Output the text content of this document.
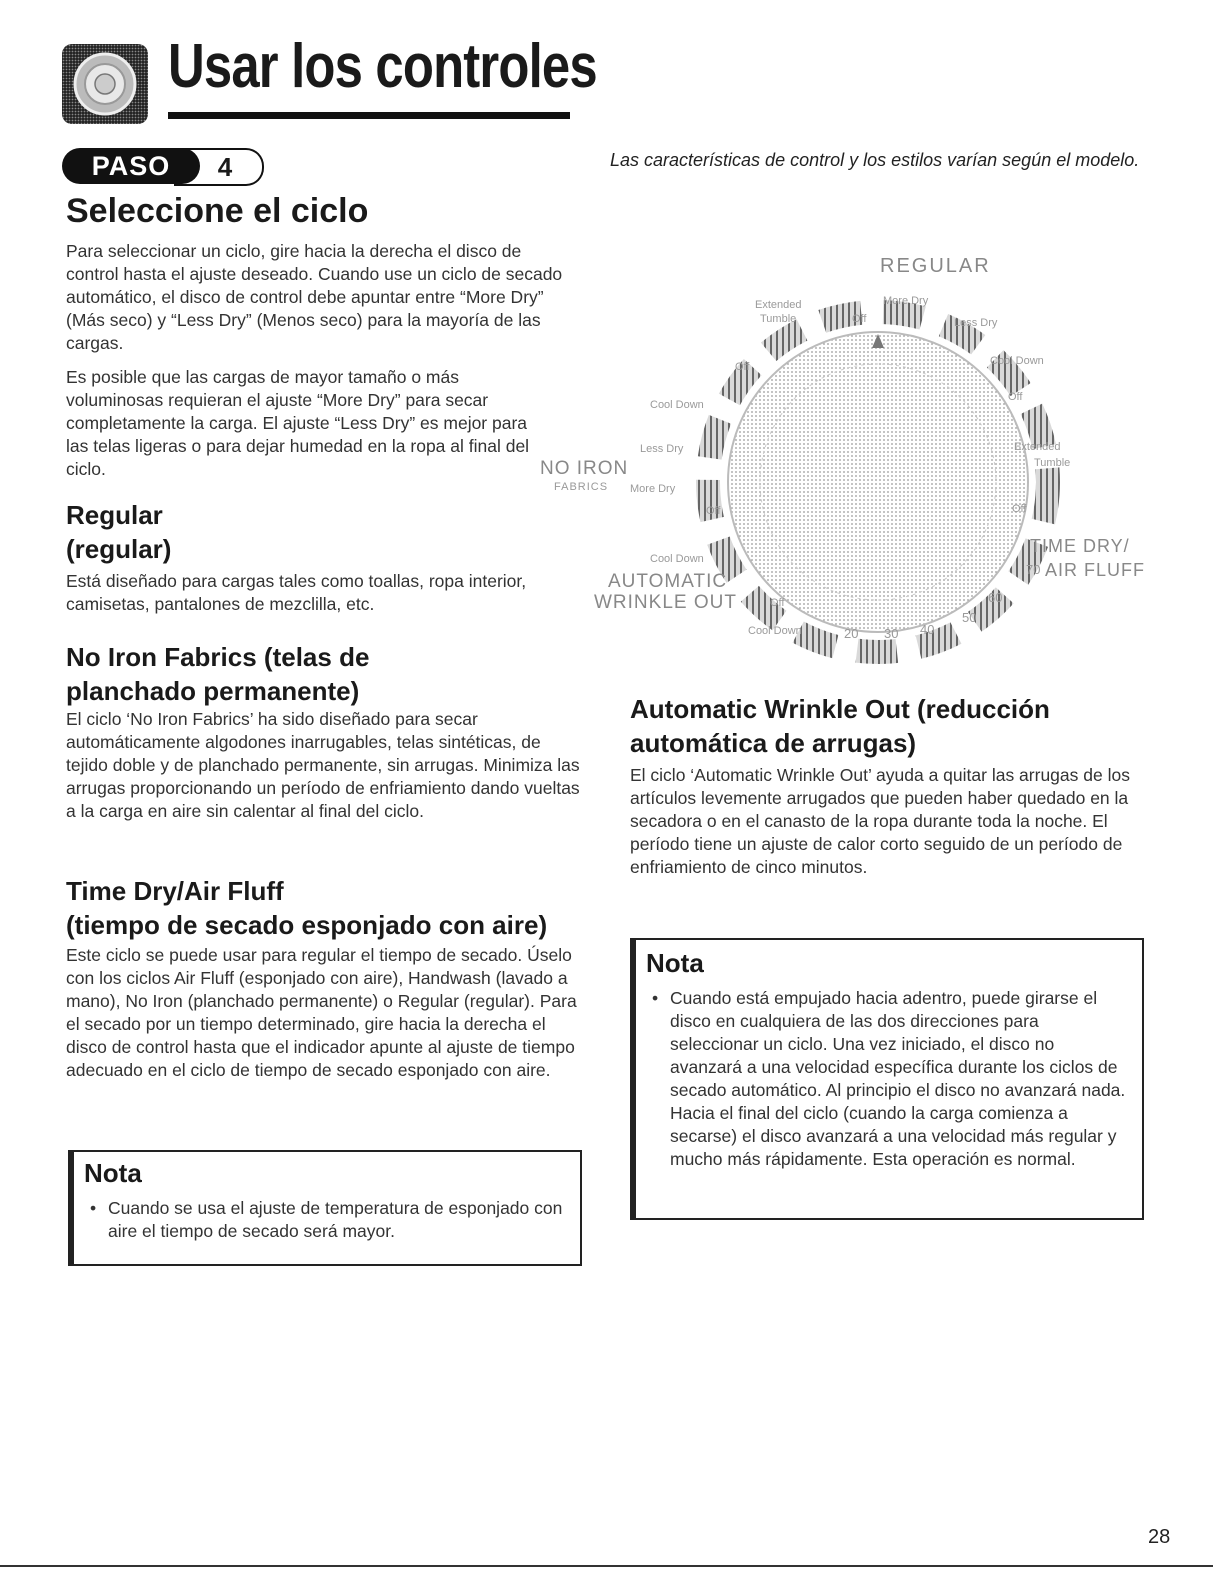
Usar los controles
4
PASO	Las características de control y los estilos varían según el modelo.
Seleccione el ciclo

Para seleccionar un ciclo, gire hacia la derecha el disco de control hasta el ajuste deseado. Cuando use un ciclo de secado automático, el disco de control debe apuntar entre “More Dry” (Más seco) y “Less Dry” (Menos seco) para la mayoría de las cargas.

Es posible que las cargas de mayor tamaño o más voluminosas requieran el ajuste “More Dry” para secar completamente la carga. El ajuste “Less Dry” es mejor para las telas ligeras o para dejar humedad en la ropa al final del ciclo.

Regular
(regular)

Está diseñado para cargas tales como toallas, ropa interior, camisetas, pantalones de mezclilla, etc.

No Iron Fabrics (telas de
planchado permanente)

El ciclo ‘No Iron Fabrics’ ha sido diseñado para secar automáticamente algodones inarrugables, telas sintéticas, de tejido doble y de planchado permanente, sin arrugas. Minimiza las arrugas proporcionando un período de enfriamiento dando vueltas a la carga en aire sin calentar al final del ciclo.

Time Dry/Air Fluff
(tiempo de secado esponjado con aire)

Este ciclo se puede usar para regular el tiempo de secado. Úselo con los ciclos Air Fluff (esponjado con aire), Handwash (lavado a mano), No Iron (planchado permanente) o Regular (regular). Para el secado por un tiempo determinado, gire hacia la derecha el disco de control hasta que el indicador apunte al ajuste de tiempo adecuado en el ciclo de tiempo de secado esponjado con aire.

Automatic Wrinkle Out (reducción
automática de arrugas)

El ciclo ‘Automatic Wrinkle Out’ ayuda a quitar las arrugas de los artículos levemente arrugados que pueden haber quedado en la secadora o en el canasto de la ropa durante toda la noche. El período tiene un ajuste de calor corto seguido de un período de enfriamiento de cinco minutos.

Nota
• Cuando se usa el ajuste de temperatura de esponjado con aire el tiempo de secado será mayor.
Nota
• Cuando está empujado hacia adentro, puede girarse el disco en cualquiera de las dos direcciones para seleccionar un ciclo. Una vez iniciado, el disco no avanzará a una velocidad específica durante los ciclos de secado automático. Al principio el disco no avanzará nada. Hacia el final del ciclo (cuando la carga comienza a secarse) el disco avanzará a una velocidad más regular y mucho más rápidamente. Esta operación es normal.
REGULAR
Extended
Tumble	Off
More Dry
Less Dry
Cool Down
Off
Extended
Tumble
Off
Off
Cool Down
Less Dry
NO IRON
FABRICS More Dry
Off
Cool Down
AUTOMATIC
WRINKLE OUT	Off
Cool Down
TIME DRY/
AIR FLUFF
70
60
50
40
30
20
28
